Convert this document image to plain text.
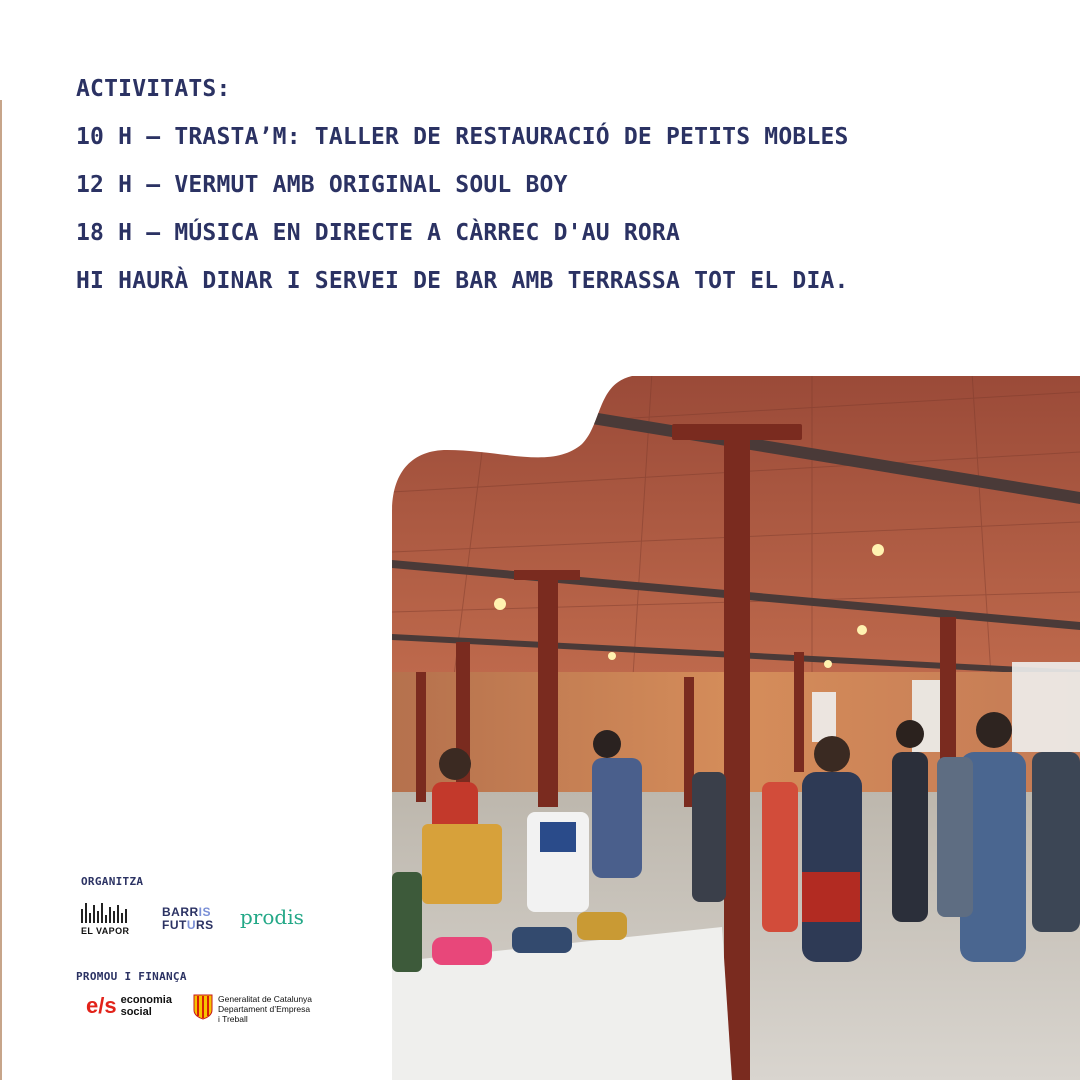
ACTIVITATS:
10 H – TRASTA’M: TALLER DE RESTAURACIÓ DE PETITS MOBLES
12 H – VERMUT AMB ORIGINAL SOUL BOY
18 H – MÚSICA EN DIRECTE A CÀRREC D'AU RORA
HI HAURÀ DINAR I SERVEI DE BAR AMB TERRASSA TOT EL DIA.
ORGANITZA
EL VAPOR
BARRIS
FUTURS prodis
PROMOU I FINANÇA
e/s economia
social
Generalitat de Catalunya
Departament d’Empresa
i Treball
